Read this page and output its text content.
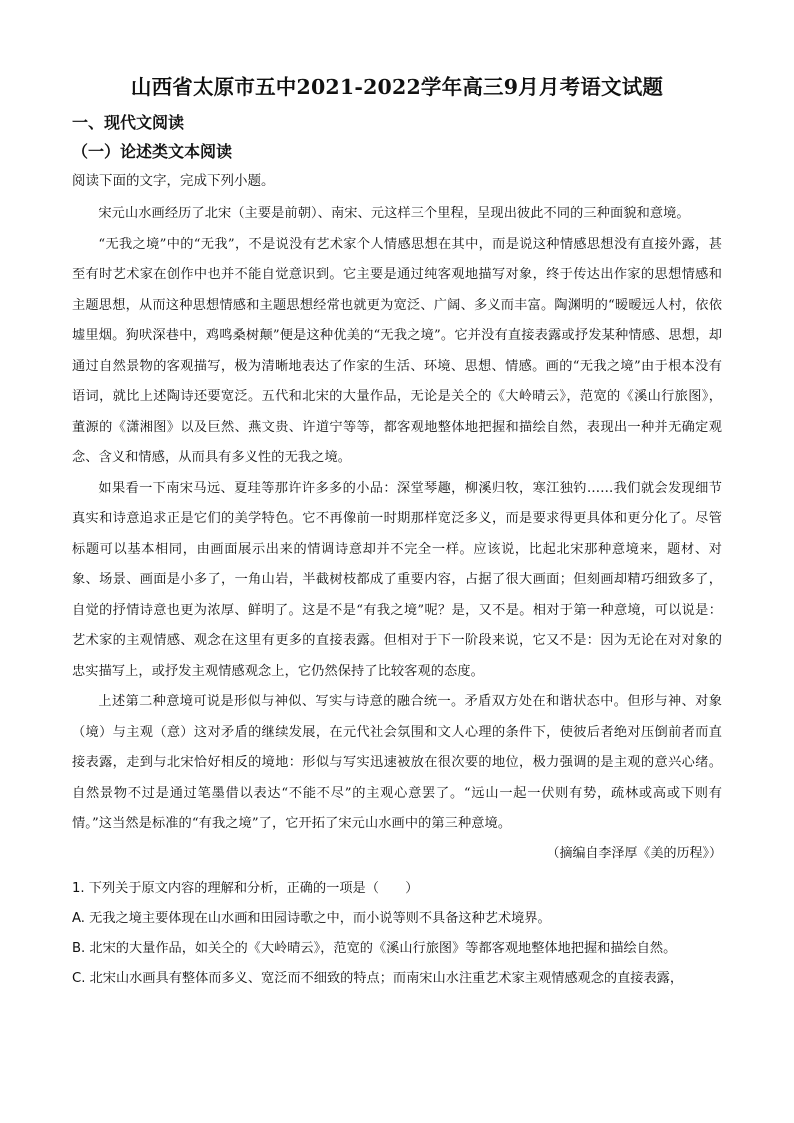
山西省太原市五中2021-2022学年高三9月月考语文试题
一、现代文阅读
（一）论述类文本阅读
阅读下面的文字，完成下列小题。

宋元山水画经历了北宋（主要是前朝）、南宋、元这样三个里程，呈现出彼此不同的三种面貌和意境。

“无我之境”中的“无我”，不是说没有艺术家个人情感思想在其中，而是说这种情感思想没有直接外露，甚至有时艺术家在创作中也并不能自觉意识到。它主要是通过纯客观地描写对象，终于传达出作家的思想情感和主题思想，从而这种思想情感和主题思想经常也就更为宽泛、广阔、多义而丰富。陶渊明的“暧暧远人村，依依墟里烟。狗吠深巷中，鸡鸣桑树颠”便是这种优美的“无我之境”。它并没有直接表露或抒发某种情感、思想，却通过自然景物的客观描写，极为清晰地表达了作家的生活、环境、思想、情感。画的“无我之境”由于根本没有语词，就比上述陶诗还要宽泛。五代和北宋的大量作品，无论是关仝的《大岭晴云》，范宽的《溪山行旅图》，董源的《潇湘图》以及巨然、燕文贵、许道宁等等，都客观地整体地把握和描绘自然，表现出一种并无确定观念、含义和情感，从而具有多义性的无我之境。

如果看一下南宋马远、夏珪等那许许多多的小品：深堂琴趣，柳溪归牧，寒江独钓……我们就会发现细节真实和诗意追求正是它们的美学特色。它不再像前一时期那样宽泛多义，而是要求得更具体和更分化了。尽管标题可以基本相同，由画面展示出来的情调诗意却并不完全一样。应该说，比起北宋那种意境来，题材、对象、场景、画面是小多了，一角山岩，半截树枝都成了重要内容，占据了很大画面；但刻画却精巧细致多了，自觉的抒情诗意也更为浓厚、鲜明了。这是不是“有我之境”呢？是，又不是。相对于第一种意境，可以说是：艺术家的主观情感、观念在这里有更多的直接表露。但相对于下一阶段来说，它又不是：因为无论在对对象的忠实描写上，或抒发主观情感观念上，它仍然保持了比较客观的态度。

上述第二种意境可说是形似与神似、写实与诗意的融合统一。矛盾双方处在和谐状态中。但形与神、对象（境）与主观（意）这对矛盾的继续发展，在元代社会氛围和文人心理的条件下，使彼后者绝对压倒前者而直接表露，走到与北宋恰好相反的境地：形似与写实迅速被放在很次要的地位，极力强调的是主观的意兴心绪。自然景物不过是通过笔墨借以表达“不能不尽”的主观心意罢了。“远山一起一伏则有势，疏林或高或下则有情。”这当然是标准的“有我之境”了，它开拓了宋元山水画中的第三种意境。

（摘编自李泽厚《美的历程》）
1. 下列关于原文内容的理解和分析，正确的一项是（　　）
A. 无我之境主要体现在山水画和田园诗歌之中，而小说等则不具备这种艺术境界。
B. 北宋的大量作品，如关仝的《大岭晴云》，范宽的《溪山行旅图》等都客观地整体地把握和描绘自然。
C. 北宋山水画具有整体而多义、宽泛而不细致的特点；而南宋山水注重艺术家主观情感观念的直接表露，
